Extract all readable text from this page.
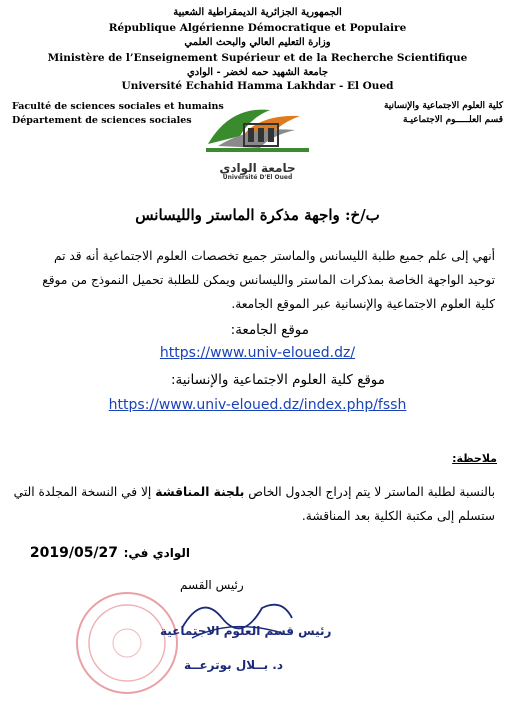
الجمهورية الجزائرية الديمقراطية الشعبية
République Algérienne Démocratique et Populaire
وزارة التعليم العالي والبحث العلمي
Ministère de l’Enseignement Supérieur et de la Recherche Scientifique
جامعة الشهيد حمه لخضر - الوادي
Université Echahid Hamma Lakhdar - El Oued
Faculté de sciences sociales et humains
Département de sciences sociales
كلية العلوم الاجتماعية والإنسانية
قسم العلـــــوم الاجتماعيـة
جامعة الوادي
Université D'El Oued
ب/خ: واجهة مذكرة الماستر والليسانس
أنهي إلى علم جميع طلبة الليسانس والماستر جميع تخصصات العلوم الاجتماعية أنه قد تم
توحيد الواجهة الخاصة بمذكرات الماستر والليسانس ويمكن للطلبة تحميل النموذج من موقع
كلية العلوم الاجتماعية والإنسانية عبر الموقع الجامعة.
موقع الجامعة:
https://www.univ-eloued.dz/
موقع كلية العلوم الاجتماعية والإنسانية:
https://www.univ-eloued.dz/index.php/fssh
ملاحظة:
بالنسبة لطلبة الماستر لا يتم إدراج الجدول الخاص بلجنة المناقشة إلا في النسخة المجلدة التي
ستسلم إلى مكتبة الكلية بعد المناقشة.
الوادي في: 2019/05/27
رئيس القسم
رئيس قسم العلوم الاجتماعية
د. بــلال بوترعــة
